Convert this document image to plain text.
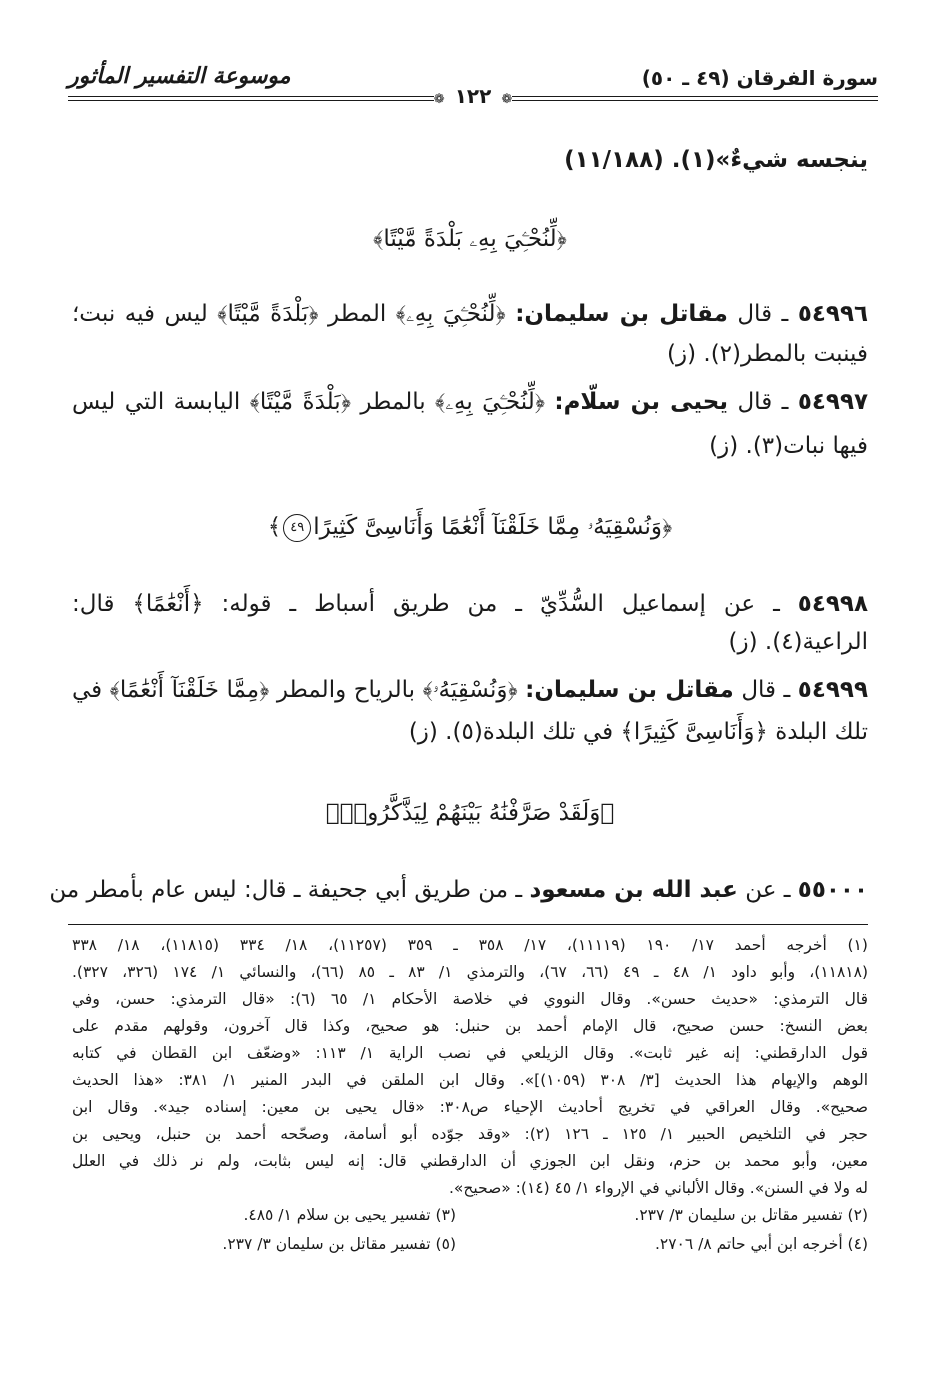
سورة الفرقان (٤٩ ـ ٥٠)
❁١٢٢❁
موسوعة التفسير المأثور
ينجسه شيءٌ»(١). (١١/١٨٨)
﴿لِّنُحْـِۧيَ بِهِۦ بَلْدَةً مَّيْتًا﴾
٥٤٩٩٦ ـ قال مقاتل بن سليمان: ﴿لِّنُحْـِۧيَ بِهِۦ﴾ المطر ﴿بَلْدَةً مَّيْتًا﴾ ليس فيه نبت؛
فينبت بالمطر(٢). (ز)
٥٤٩٩٧ ـ قال يحيى بن سلّام: ﴿لِّنُحْـِۧيَ بِهِۦ﴾ بالمطر ﴿بَلْدَةً مَّيْتًا﴾ اليابسة التي ليس
فيها نبات(٣). (ز)
﴿وَنُسْقِيَهُۥ مِمَّا خَلَقْنَآ أَنْعَٰمًا وَأَنَاسِىَّ كَثِيرًا٤٩﴾
٥٤٩٩٨ ـ عن إسماعيل السُّدِّيّ ـ من طريق أسباط ـ قوله: ﴿أَنْعَٰمًا﴾ قال:
الراعية(٤). (ز)
٥٤٩٩٩ ـ قال مقاتل بن سليمان: ﴿وَنُسْقِيَهُۥ﴾ بالرياح والمطر ﴿مِمَّا خَلَقْنَآ أَنْعَٰمًا﴾ في
تلك البلدة ﴿وَأَنَاسِىَّ كَثِيرًا﴾ في تلك البلدة(٥). (ز)
﴿وَلَقَدْ صَرَّفْنَٰهُ بَيْنَهُمْ لِيَذَّكَّرُوا۟﴾
٥٥٠٠٠ ـ عن عبد الله بن مسعود ـ من طريق أبي جحيفة ـ قال: ليس عام بأمطر من
(١) أخرجه أحمد ١٧/ ١٩٠ (١١١١٩)، ١٧/ ٣٥٨ ـ ٣٥٩ (١١٢٥٧)، ١٨/ ٣٣٤ (١١٨١٥)، ١٨/ ٣٣٨
(١١٨١٨)، وأبو داود ١/ ٤٨ ـ ٤٩ (٦٦، ٦٧)، والترمذي ١/ ٨٣ ـ ٨٥ (٦٦)، والنسائي ١/ ١٧٤ (٣٢٦، ٣٢٧).
قال الترمذي: «حديث حسن». وقال النووي في خلاصة الأحكام ١/ ٦٥ (٦): «قال الترمذي: حسن، وفي
بعض النسخ: حسن صحيح، قال الإمام أحمد بن حنبل: هو صحيح، وكذا قال آخرون، وقولهم مقدم على
قول الدارقطني: إنه غير ثابت». وقال الزيلعي في نصب الراية ١/ ١١٣: «وضعّف ابن القطان في كتابه
الوهم والإيهام هذا الحديث [٣/ ٣٠٨ (١٠٥٩)]». وقال ابن الملقن في البدر المنير ١/ ٣٨١: «هذا الحديث
صحيح». وقال العراقي في تخريج أحاديث الإحياء ص٣٠٨: «قال يحيى بن معين: إسناده جيد». وقال ابن
حجر في التلخيص الحبير ١/ ١٢٥ ـ ١٢٦ (٢): «وقد جوّده أبو أسامة، وصحّحه أحمد بن حنبل، ويحيى بن
معين، وأبو محمد بن حزم، ونقل ابن الجوزي أن الدارقطني قال: إنه ليس بثابت، ولم نر ذلك في العلل
له ولا في السنن». وقال الألباني في الإرواء ١/ ٤٥ (١٤): «صحيح».
(٢) تفسير مقاتل بن سليمان ٣/ ٢٣٧.
(٣) تفسير يحيى بن سلام ١/ ٤٨٥.
(٤) أخرجه ابن أبي حاتم ٨/ ٢٧٠٦.
(٥) تفسير مقاتل بن سليمان ٣/ ٢٣٧.
